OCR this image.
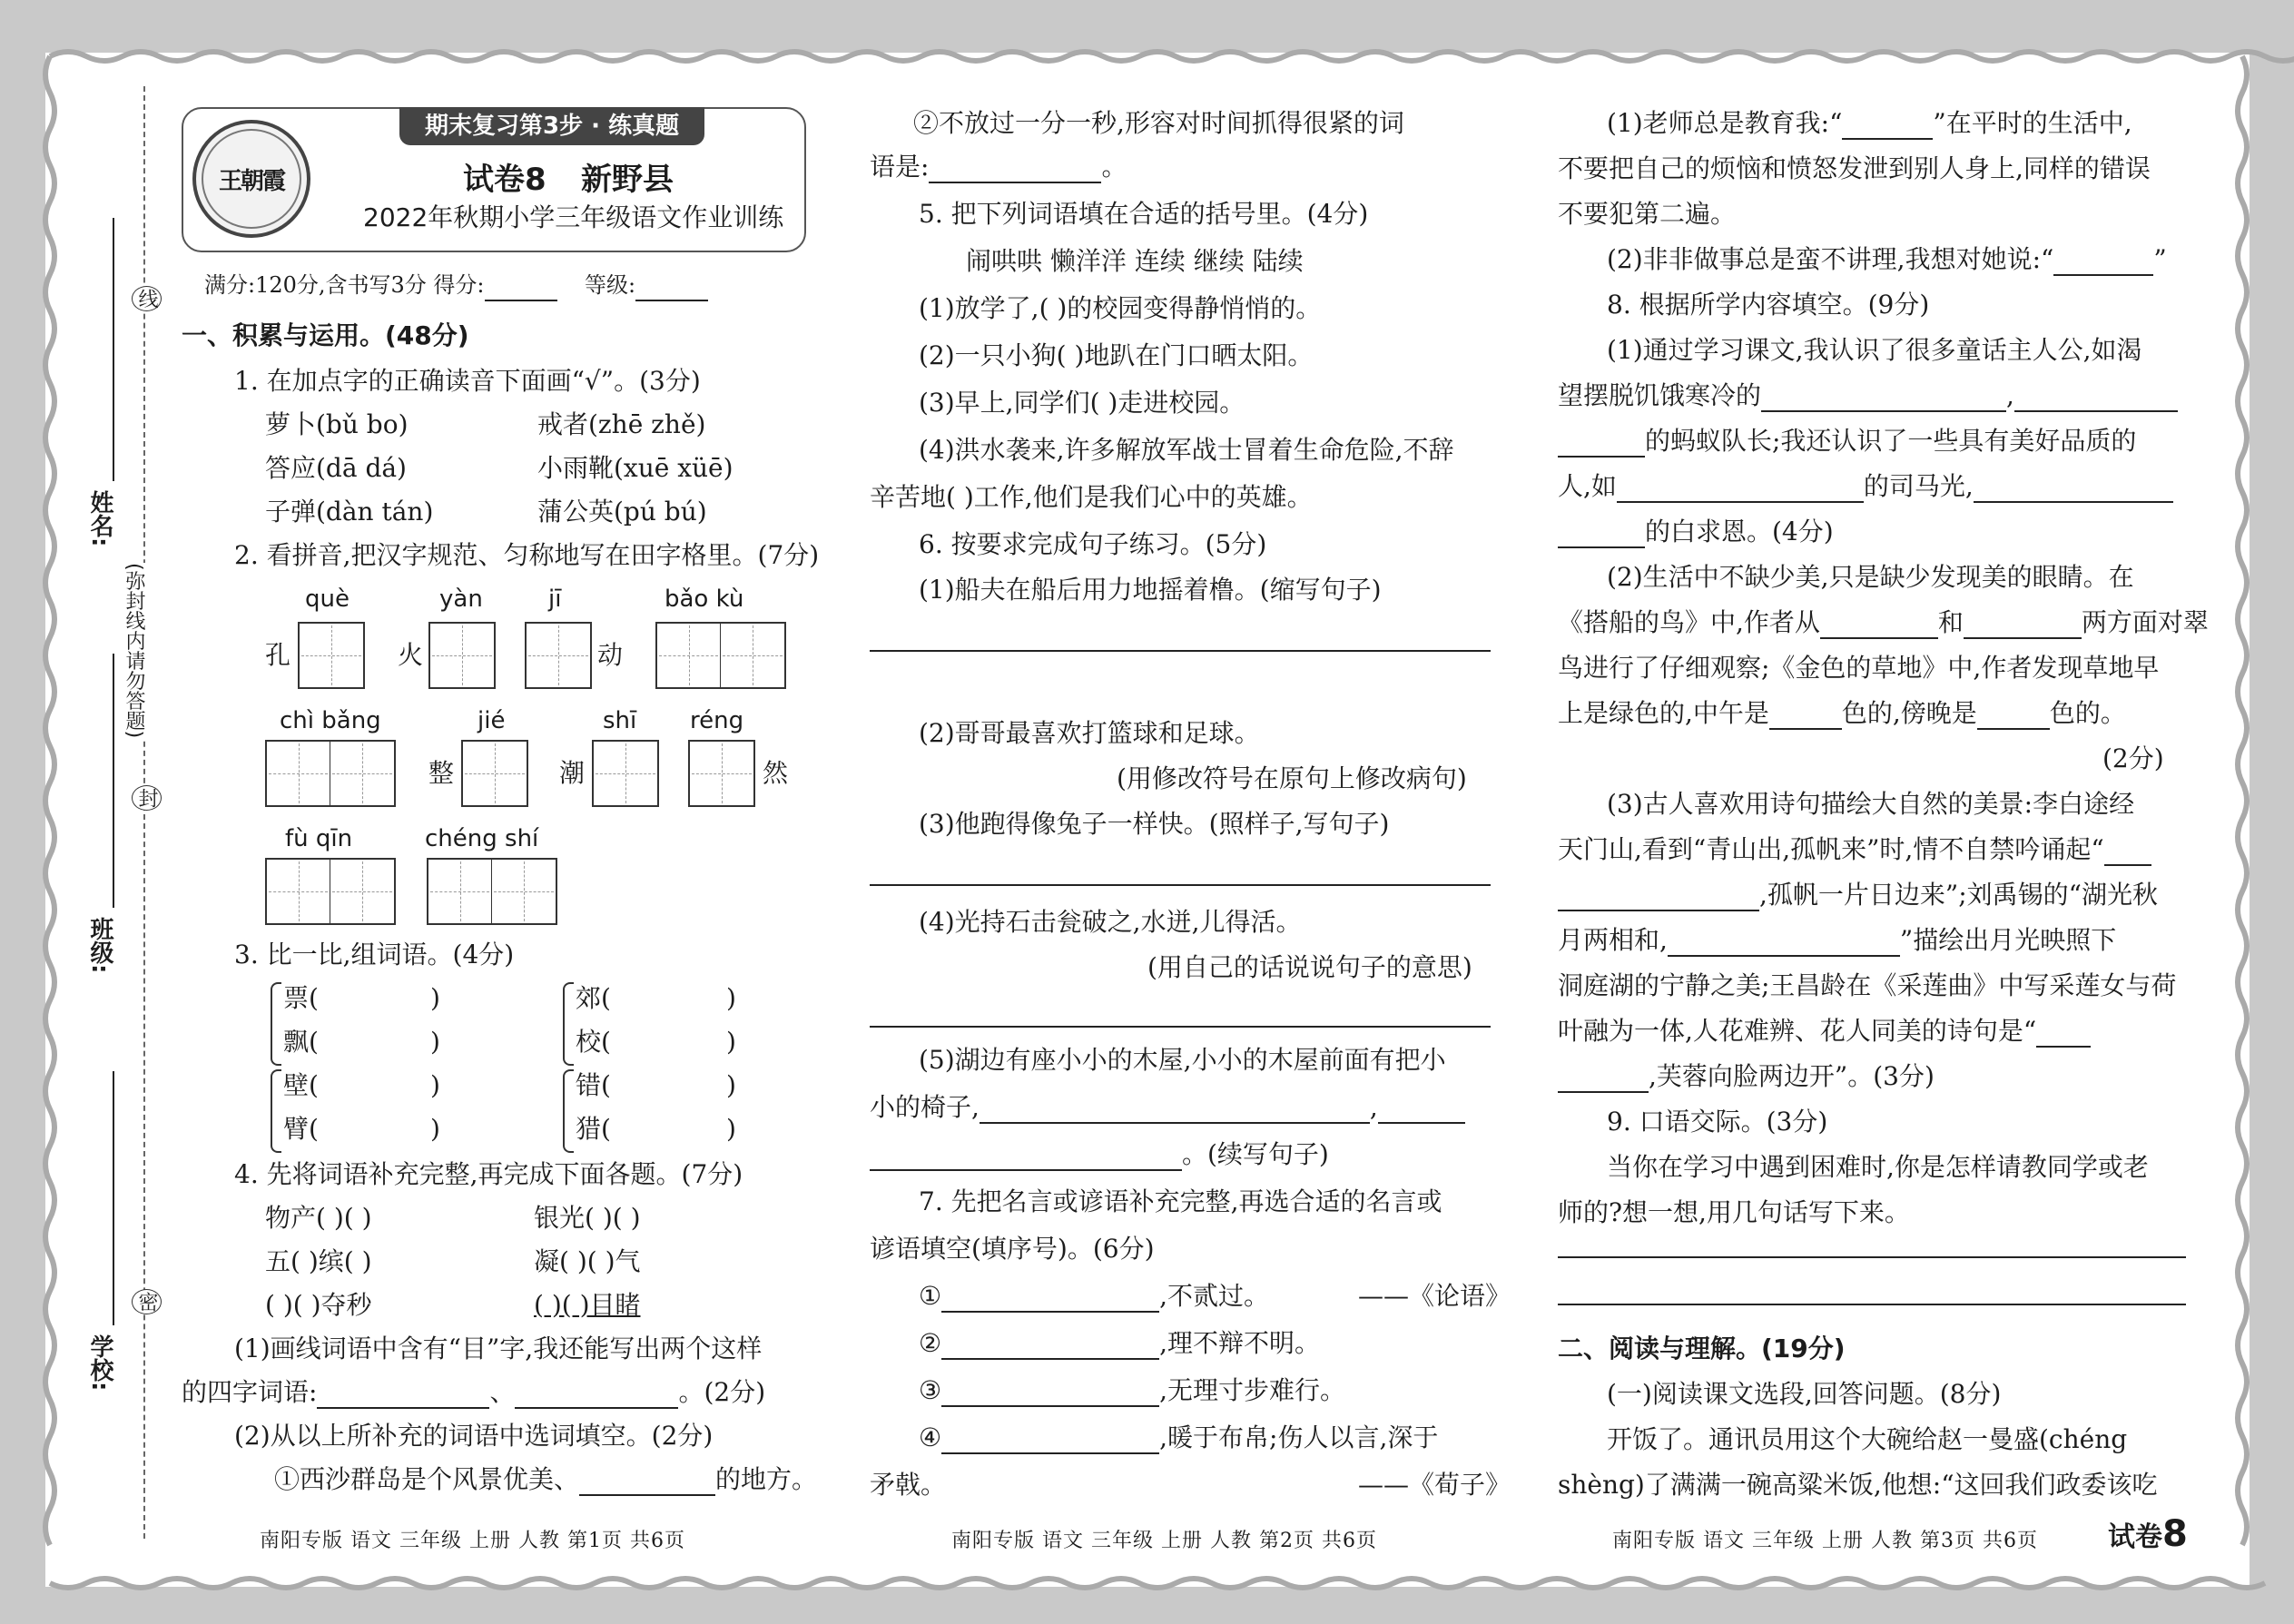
学校:
班级:
姓名:
(弥封线内请勿答题)
线
封
密
王朝霞
期末复习第3步 · 练真题
试卷8 新野县
2022年秋期小学三年级语文作业训练
满分:120分,含书写3分 得分:	等级:
一、积累与运用。(48分)
1. 在加点字的正确读音下面画“√”。(3分)
萝卜(bǔ bo)	戒者(zhē zhě)
答应(dā dá)	小雨靴(xuē xüē)
子弹(dàn tán)	蒲公英(pú bú)
2. 看拼音,把汉字规范、匀称地写在田字格里。(7分)
què	yàn	jī	bǎo kù
孔	火	动
chì bǎng	jié	shī réng
整	潮	然
fù qīn	chéng shí
3. 比一比,组词语。(4分)
票(	)	郊(	)
飘(	)	校(	)
壁(	)	错(	)
臂(	)	猎(	)
4. 先将词语补充完整,再完成下面各题。(7分)
物产( )( )	银光( )( )
五( )缤( )	凝( )( )气
( )( )夺秒	( )( )目睹
(1)画线词语中含有“目”字,我还能写出两个这样
的四字词语:	、	。(2分)
(2)从以上所补充的词语中选词填空。(2分)
①西沙群岛是个风景优美、	的地方。
南阳专版 语文 三年级 上册 人教 第1页 共6页
②不放过一分一秒,形容对时间抓得很紧的词
语是:	。
5. 把下列词语填在合适的括号里。(4分)
闹哄哄 懒洋洋 连续 继续 陆续
(1)放学了,( )的校园变得静悄悄的。
(2)一只小狗( )地趴在门口晒太阳。
(3)早上,同学们( )走进校园。
(4)洪水袭来,许多解放军战士冒着生命危险,不辞
辛苦地( )工作,他们是我们心中的英雄。
6. 按要求完成句子练习。(5分)
(1)船夫在船后用力地摇着橹。(缩写句子)
(2)哥哥最喜欢打篮球和足球。
(用修改符号在原句上修改病句)
(3)他跑得像兔子一样快。(照样子,写句子)
(4)光持石击瓮破之,水迸,儿得活。
(用自己的话说说句子的意思)
(5)湖边有座小小的木屋,小小的木屋前面有把小
小的椅子,	,
。(续写句子)
7. 先把名言或谚语补充完整,再选合适的名言或
谚语填空(填序号)。(6分)
①	,不贰过。	——《论语》
②	,理不辩不明。
③	,无理寸步难行。
④	,暖于布帛;伤人以言,深于
矛戟。	——《荀子》
南阳专版 语文 三年级 上册 人教 第2页 共6页
(1)老师总是教育我:“	”在平时的生活中,
不要把自己的烦恼和愤怒发泄到别人身上,同样的错误
不要犯第二遍。
(2)非非做事总是蛮不讲理,我想对她说:“	”
8. 根据所学内容填空。(9分)
(1)通过学习课文,我认识了很多童话主人公,如渴
望摆脱饥饿寒冷的	,
的蚂蚁队长;我还认识了一些具有美好品质的
人,如	的司马光,
的白求恩。(4分)
(2)生活中不缺少美,只是缺少发现美的眼睛。在
《搭船的鸟》中,作者从	和	两方面对翠
鸟进行了仔细观察;《金色的草地》中,作者发现草地早
上是绿色的,中午是	色的,傍晚是	色的。
(2分)
(3)古人喜欢用诗句描绘大自然的美景:李白途经
天门山,看到“青山出,孤帆来”时,情不自禁吟诵起“
,孤帆一片日边来”;刘禹锡的“湖光秋
月两相和,	”描绘出月光映照下
洞庭湖的宁静之美;王昌龄在《采莲曲》中写采莲女与荷
叶融为一体,人花难辨、花人同美的诗句是“
,芙蓉向脸两边开”。(3分)
9. 口语交际。(3分)
当你在学习中遇到困难时,你是怎样请教同学或老
师的?想一想,用几句话写下来。
二、阅读与理解。(19分)
(一)阅读课文选段,回答问题。(8分)
开饭了。通讯员用这个大碗给赵一曼盛(chéng
shèng)了满满一碗高粱米饭,他想:“这回我们政委该吃
南阳专版 语文 三年级 上册 人教 第3页 共6页	试卷8
